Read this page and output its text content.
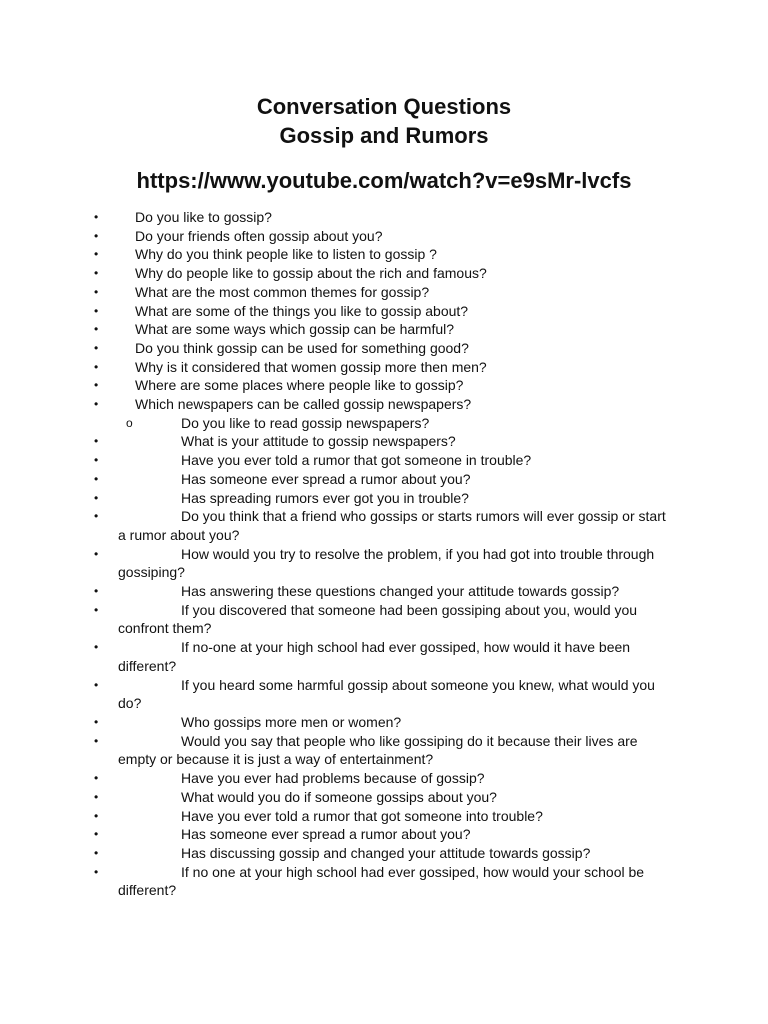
Conversation Questions
Gossip and Rumors

https://www.youtube.com/watch?v=e9sMr-lvcfs

•	Do you like to gossip?
•	Do your friends often gossip about you?
•	Why do you think people like to listen to gossip ?
•	Why do people like to gossip about the rich and famous?
•	What are the most common themes for gossip?
•	What are some of the things you like to gossip about?
•	What are some ways which gossip can be harmful?
•	Do you think gossip can be used for something good?
•	Why is it considered that women gossip more then men?
•	Where are some places where people like to gossip?
•	Which newspapers can be called gossip newspapers?
o	Do you like to read gossip newspapers?
•	What is your attitude to gossip newspapers?
•	Have you ever told a rumor that got someone in trouble?
•	Has someone ever spread a rumor about you?
•	Has spreading rumors ever got you in trouble?
•	Do you think that a friend who gossips or starts rumors will ever gossip or start a rumor about you?
•	How would you try to resolve the problem, if you had got into trouble through gossiping?
•	Has answering these questions changed your attitude towards gossip?
•	If you discovered that someone had been gossiping about you, would you confront them?
•	If no-one at your high school had ever gossiped, how would it have been different?
•	If you heard some harmful gossip about someone you knew, what would you do?
•	Who gossips more men or women?
•	Would you say that people who like gossiping do it because their lives are empty or because it is just a way of entertainment?
•	Have you ever had problems because of gossip?
•	What would you do if someone gossips about you?
•	Have you ever told a rumor that got someone into trouble?
•	Has someone ever spread a rumor about you?
•	Has discussing gossip and changed your attitude towards gossip?
•	If no one at your high school had ever gossiped, how would your school be different?
